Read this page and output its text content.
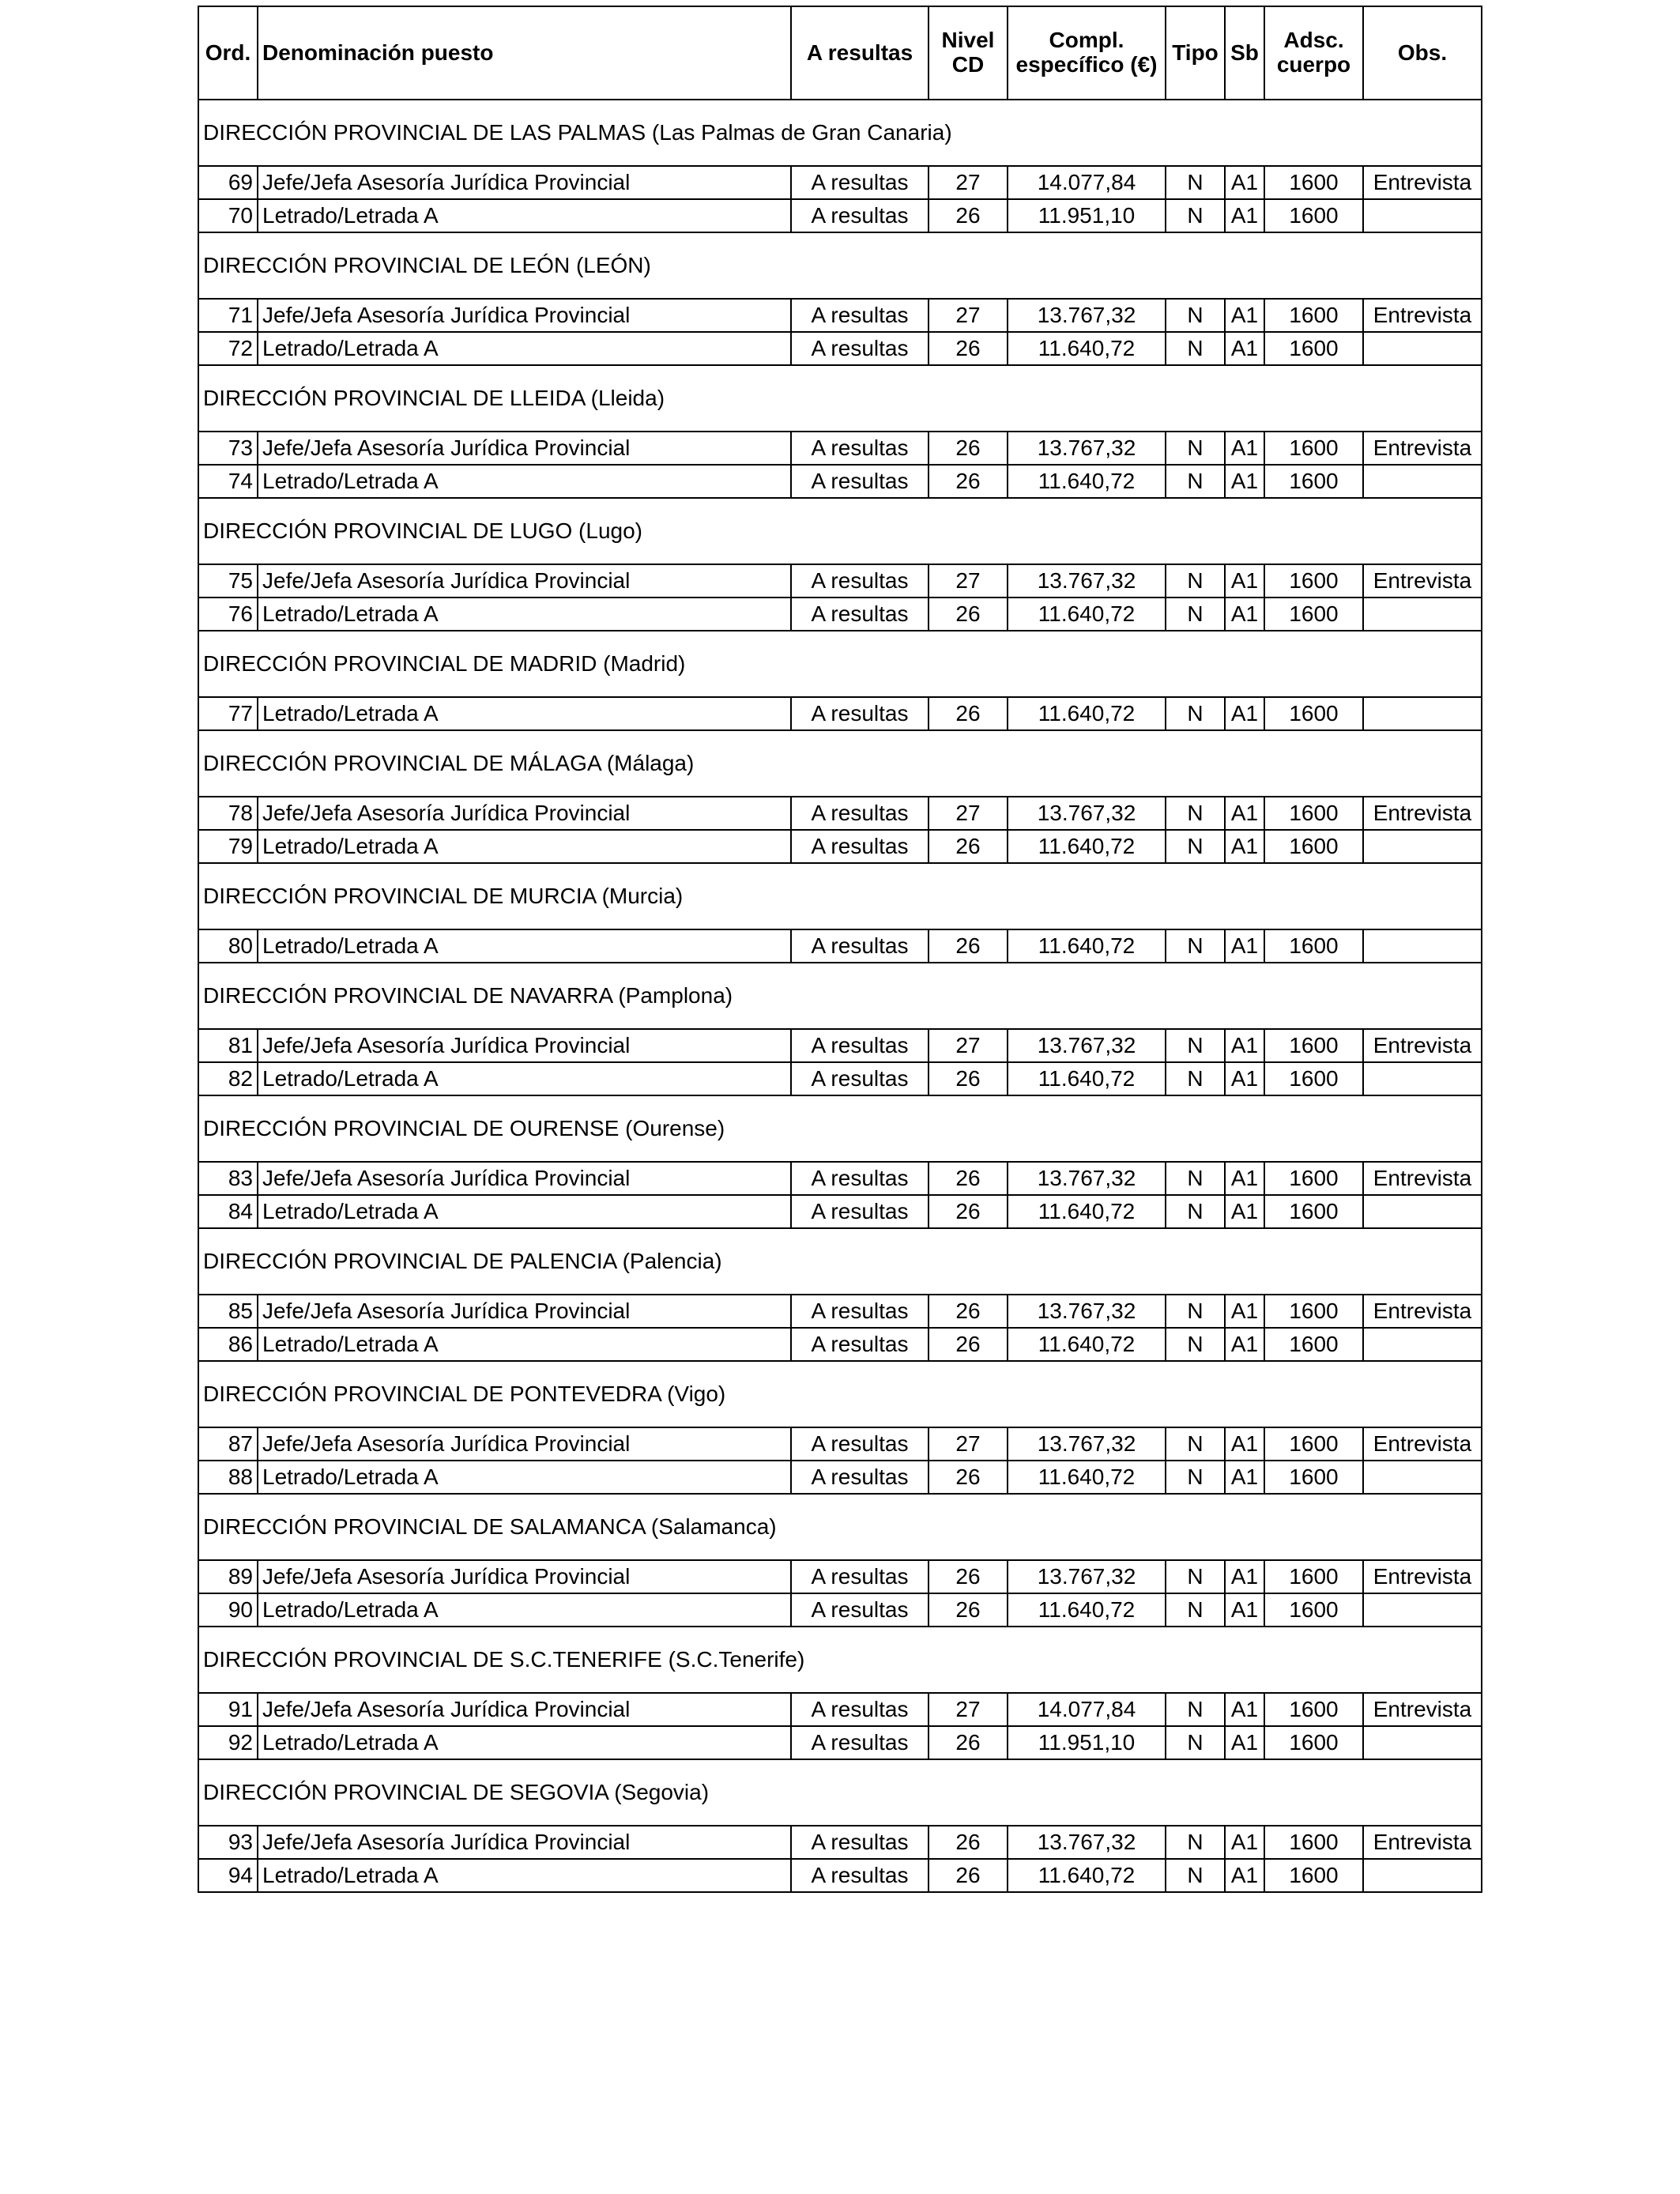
Ord.	Denominación puesto	A resultas	Nivel CD	Compl. específico (€)	Tipo	Sb	Adsc. cuerpo	Obs.
DIRECCIÓN PROVINCIAL DE LAS PALMAS (Las Palmas de Gran Canaria)								
69	Jefe/Jefa Asesoría Jurídica Provincial	A resultas	27	14.077,84	N	A1	1600	Entrevista
70	Letrado/Letrada A	A resultas	26	11.951,10	N	A1	1600	
DIRECCIÓN PROVINCIAL DE LEÓN (LEÓN)								
71	Jefe/Jefa Asesoría Jurídica Provincial	A resultas	27	13.767,32	N	A1	1600	Entrevista
72	Letrado/Letrada A	A resultas	26	11.640,72	N	A1	1600	
DIRECCIÓN PROVINCIAL DE LLEIDA (Lleida)								
73	Jefe/Jefa Asesoría Jurídica Provincial	A resultas	26	13.767,32	N	A1	1600	Entrevista
74	Letrado/Letrada A	A resultas	26	11.640,72	N	A1	1600	
DIRECCIÓN PROVINCIAL DE LUGO (Lugo)								
75	Jefe/Jefa Asesoría Jurídica Provincial	A resultas	27	13.767,32	N	A1	1600	Entrevista
76	Letrado/Letrada A	A resultas	26	11.640,72	N	A1	1600	
DIRECCIÓN PROVINCIAL DE MADRID (Madrid)								
77	Letrado/Letrada A	A resultas	26	11.640,72	N	A1	1600	
DIRECCIÓN PROVINCIAL DE MÁLAGA (Málaga)								
78	Jefe/Jefa Asesoría Jurídica Provincial	A resultas	27	13.767,32	N	A1	1600	Entrevista
79	Letrado/Letrada A	A resultas	26	11.640,72	N	A1	1600	
DIRECCIÓN PROVINCIAL DE MURCIA (Murcia)								
80	Letrado/Letrada A	A resultas	26	11.640,72	N	A1	1600	
DIRECCIÓN PROVINCIAL DE NAVARRA (Pamplona)								
81	Jefe/Jefa Asesoría Jurídica Provincial	A resultas	27	13.767,32	N	A1	1600	Entrevista
82	Letrado/Letrada A	A resultas	26	11.640,72	N	A1	1600	
DIRECCIÓN PROVINCIAL DE OURENSE (Ourense)								
83	Jefe/Jefa Asesoría Jurídica Provincial	A resultas	26	13.767,32	N	A1	1600	Entrevista
84	Letrado/Letrada A	A resultas	26	11.640,72	N	A1	1600	
DIRECCIÓN PROVINCIAL DE PALENCIA (Palencia)								
85	Jefe/Jefa Asesoría Jurídica Provincial	A resultas	26	13.767,32	N	A1	1600	Entrevista
86	Letrado/Letrada A	A resultas	26	11.640,72	N	A1	1600	
DIRECCIÓN PROVINCIAL DE PONTEVEDRA (Vigo)								
87	Jefe/Jefa Asesoría Jurídica Provincial	A resultas	27	13.767,32	N	A1	1600	Entrevista
88	Letrado/Letrada A	A resultas	26	11.640,72	N	A1	1600	
DIRECCIÓN PROVINCIAL DE SALAMANCA (Salamanca)								
89	Jefe/Jefa Asesoría Jurídica Provincial	A resultas	26	13.767,32	N	A1	1600	Entrevista
90	Letrado/Letrada A	A resultas	26	11.640,72	N	A1	1600	
DIRECCIÓN PROVINCIAL DE S.C.TENERIFE (S.C.Tenerife)								
91	Jefe/Jefa Asesoría Jurídica Provincial	A resultas	27	14.077,84	N	A1	1600	Entrevista
92	Letrado/Letrada A	A resultas	26	11.951,10	N	A1	1600	
DIRECCIÓN PROVINCIAL DE SEGOVIA (Segovia)								
93	Jefe/Jefa Asesoría Jurídica Provincial	A resultas	26	13.767,32	N	A1	1600	Entrevista
94	Letrado/Letrada A	A resultas	26	11.640,72	N	A1	1600	
